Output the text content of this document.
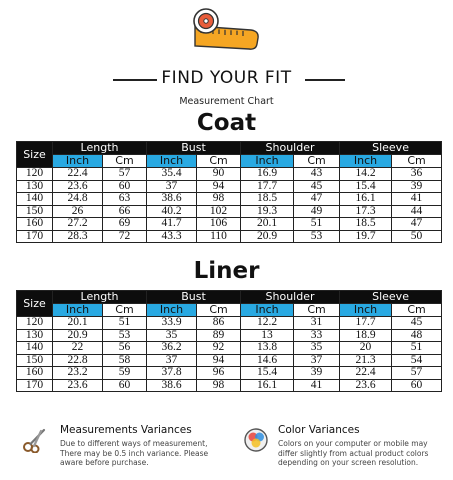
FIND YOUR FIT
Measurement Chart
Coat
Size	Length		Bust		Shoulder		Sleeve	
	Inch	Cm	Inch	Cm	Inch	Cm	Inch	Cm
120	22.4	57	35.4	90	16.9	43	14.2	36
130	23.6	60	37	94	17.7	45	15.4	39
140	24.8	63	38.6	98	18.5	47	16.1	41
150	26	66	40.2	102	19.3	49	17.3	44
160	27.2	69	41.7	106	20.1	51	18.5	47
170	28.3	72	43.3	110	20.9	53	19.7	50
Liner
Size	Length		Bust		Shoulder		Sleeve	
	Inch	Cm	Inch	Cm	Inch	Cm	Inch	Cm
120	20.1	51	33.9	86	12.2	31	17.7	45
130	20.9	53	35	89	13	33	18.9	48
140	22	56	36.2	92	13.8	35	20	51
150	22.8	58	37	94	14.6	37	21.3	54
160	23.2	59	37.8	96	15.4	39	22.4	57
170	23.6	60	38.6	98	16.1	41	23.6	60
Measurements Variances
Due to different ways of measurement,
There may be 0.5 inch variance. Please
aware before purchase.
Color Variances
Colors on your computer or mobile may
differ slightly from actual product colors
depending on your screen resolution.
